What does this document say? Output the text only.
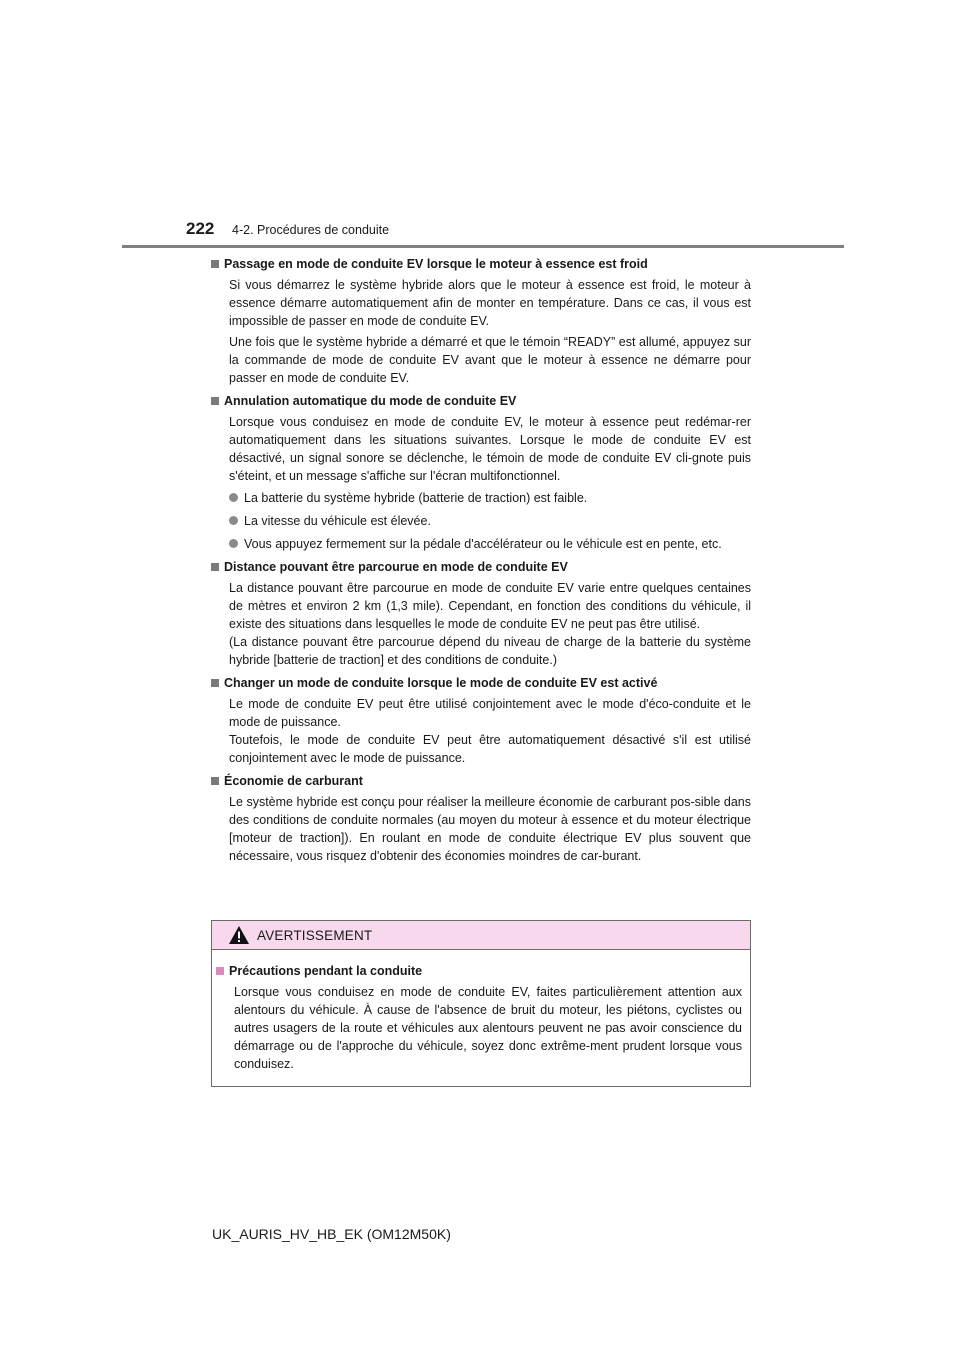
222 4-2. Procédures de conduite
Passage en mode de conduite EV lorsque le moteur à essence est froid

Si vous démarrez le système hybride alors que le moteur à essence est froid, le moteur à essence démarre automatiquement afin de monter en température. Dans ce cas, il vous est impossible de passer en mode de conduite EV.

Une fois que le système hybride a démarré et que le témoin “READY” est allumé, appuyez sur la commande de mode de conduite EV avant que le moteur à essence ne démarre pour passer en mode de conduite EV.

Annulation automatique du mode de conduite EV

Lorsque vous conduisez en mode de conduite EV, le moteur à essence peut redémar-rer automatiquement dans les situations suivantes. Lorsque le mode de conduite EV est désactivé, un signal sonore se déclenche, le témoin de mode de conduite EV cli-gnote puis s'éteint, et un message s'affiche sur l'écran multifonctionnel.

La batterie du système hybride (batterie de traction) est faible.
La vitesse du véhicule est élevée.
Vous appuyez fermement sur la pédale d'accélérateur ou le véhicule est en pente, etc.
Distance pouvant être parcourue en mode de conduite EV

La distance pouvant être parcourue en mode de conduite EV varie entre quelques centaines de mètres et environ 2 km (1,3 mile). Cependant, en fonction des conditions du véhicule, il existe des situations dans lesquelles le mode de conduite EV ne peut pas être utilisé.

(La distance pouvant être parcourue dépend du niveau de charge de la batterie du système hybride [batterie de traction] et des conditions de conduite.)

Changer un mode de conduite lorsque le mode de conduite EV est activé

Le mode de conduite EV peut être utilisé conjointement avec le mode d'éco-conduite et le mode de puissance.

Toutefois, le mode de conduite EV peut être automatiquement désactivé s'il est utilisé conjointement avec le mode de puissance.

Économie de carburant

Le système hybride est conçu pour réaliser la meilleure économie de carburant pos-sible dans des conditions de conduite normales (au moyen du moteur à essence et du moteur électrique [moteur de traction]). En roulant en mode de conduite électrique EV plus souvent que nécessaire, vous risquez d'obtenir des économies moindres de car-burant.

AVERTISSEMENT
Précautions pendant la conduite

Lorsque vous conduisez en mode de conduite EV, faites particulièrement attention aux alentours du véhicule. À cause de l'absence de bruit du moteur, les piétons, cyclistes ou autres usagers de la route et véhicules aux alentours peuvent ne pas avoir conscience du démarrage ou de l'approche du véhicule, soyez donc extrême-ment prudent lorsque vous conduisez.

UK_AURIS_HV_HB_EK (OM12M50K)
